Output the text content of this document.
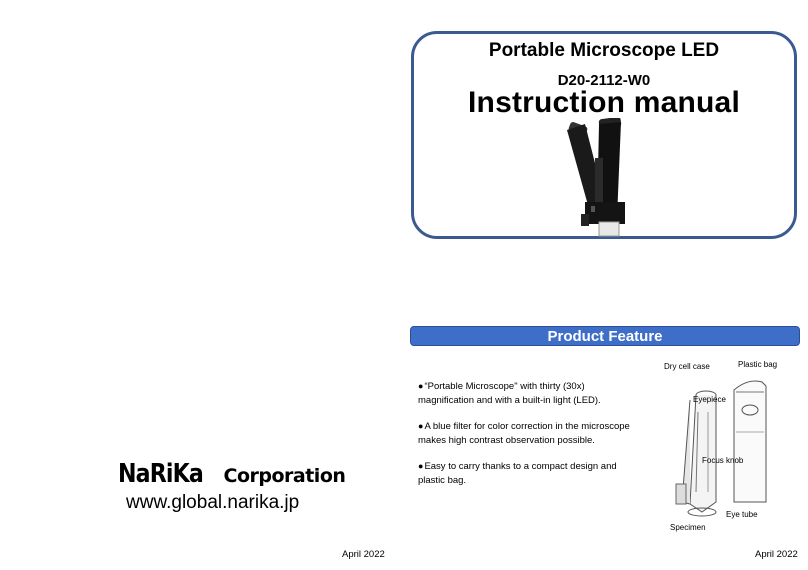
Portable Microscope LED
D20-2112-W0
Instruction manual
Product Feature
●“Portable Microscope" with thirty (30x)
magnification and with a built-in light (LED).
●A blue filter for color correction in the microscope
makes high contrast observation possible.
●Easy to carry thanks to a compact design and
plastic bag.
Dry cell case	Plastic bag
Eyepiece
Focus knob
Eye tube
Specimen
NaRiKa Corporation
www.global.narika.jp
April 2022	April 2022
